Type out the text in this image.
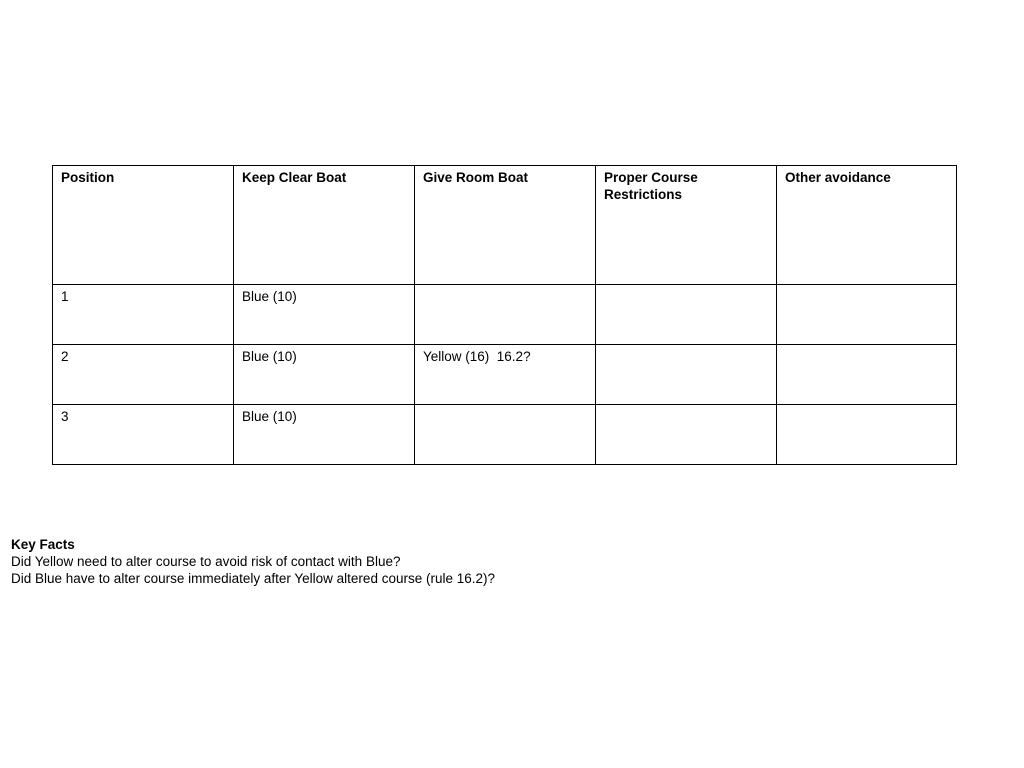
Position	Keep Clear Boat	Give Room Boat	Proper Course Restrictions	Other avoidance
1	Blue (10)			
2	Blue (10)	Yellow (16)  16.2?		
3	Blue (10)			
Key Facts
Did Yellow need to alter course to avoid risk of contact with Blue?
Did Blue have to alter course immediately after Yellow altered course (rule 16.2)?
